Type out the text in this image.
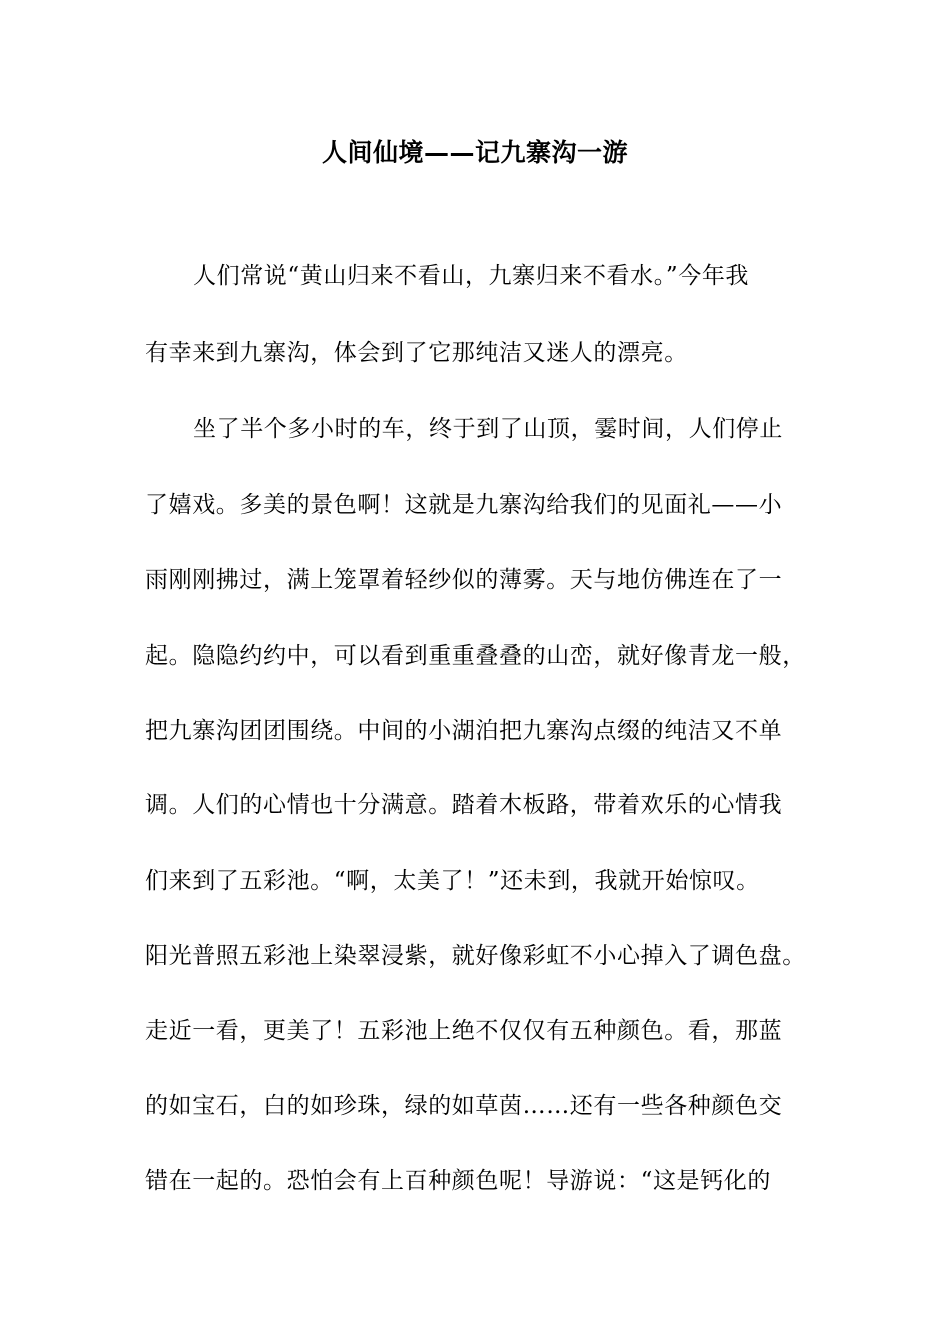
人间仙境——记九寨沟一游
人们常说“黄山归来不看山，九寨归来不看水。”今年我
有幸来到九寨沟，体会到了它那纯洁又迷人的漂亮。
坐了半个多小时的车，终于到了山顶，霎时间，人们停止
了嬉戏。多美的景色啊！这就是九寨沟给我们的见面礼——小
雨刚刚拂过，满上笼罩着轻纱似的薄雾。天与地仿佛连在了一
起。隐隐约约中，可以看到重重叠叠的山峦，就好像青龙一般，
把九寨沟团团围绕。中间的小湖泊把九寨沟点缀的纯洁又不单
调。人们的心情也十分满意。踏着木板路，带着欢乐的心情我
们来到了五彩池。“啊，太美了！”还未到，我就开始惊叹。
阳光普照五彩池上染翠浸紫，就好像彩虹不小心掉入了调色盘。
走近一看，更美了！五彩池上绝不仅仅有五种颜色。看，那蓝
的如宝石，白的如珍珠，绿的如草茵……还有一些各种颜色交
错在一起的。恐怕会有上百种颜色呢！导游说：“这是钙化的
